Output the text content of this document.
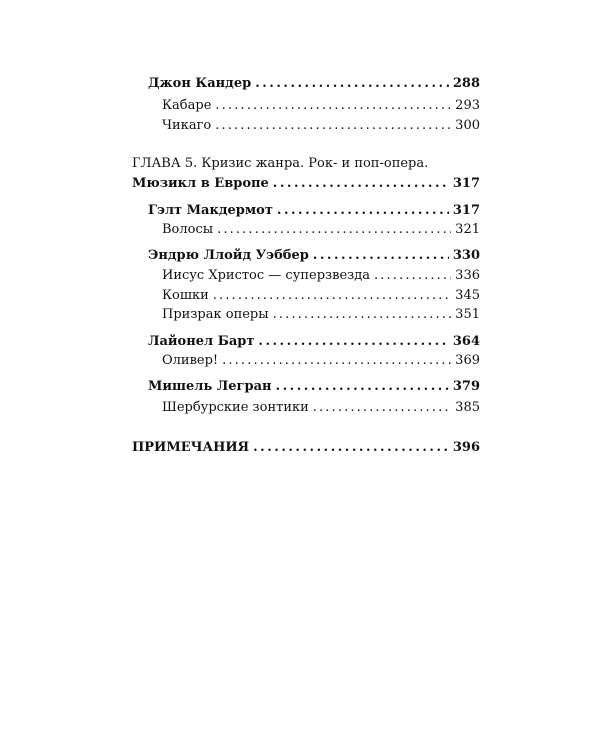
Джон Кандер . . .	288
Кабаре . . .	293
Чикаго . . .	300
ГЛАВА 5. Кризис жанра. Рок- и поп-опера.
Мюзикл в Европе . . .	317
Гэлт Макдермот . . .	317
Волосы . . .	321
Эндрю Ллойд Уэббер . . .	330
Иисус Христос — суперзвезда . . .	336
Кошки . . .	345
Призрак оперы . . .	351
Лайонел Барт . . .	364
Оливер! . . .	369
Мишель Легран . . .	379
Шербурские зонтики . . .	385
ПРИМЕЧАНИЯ . . .	396
